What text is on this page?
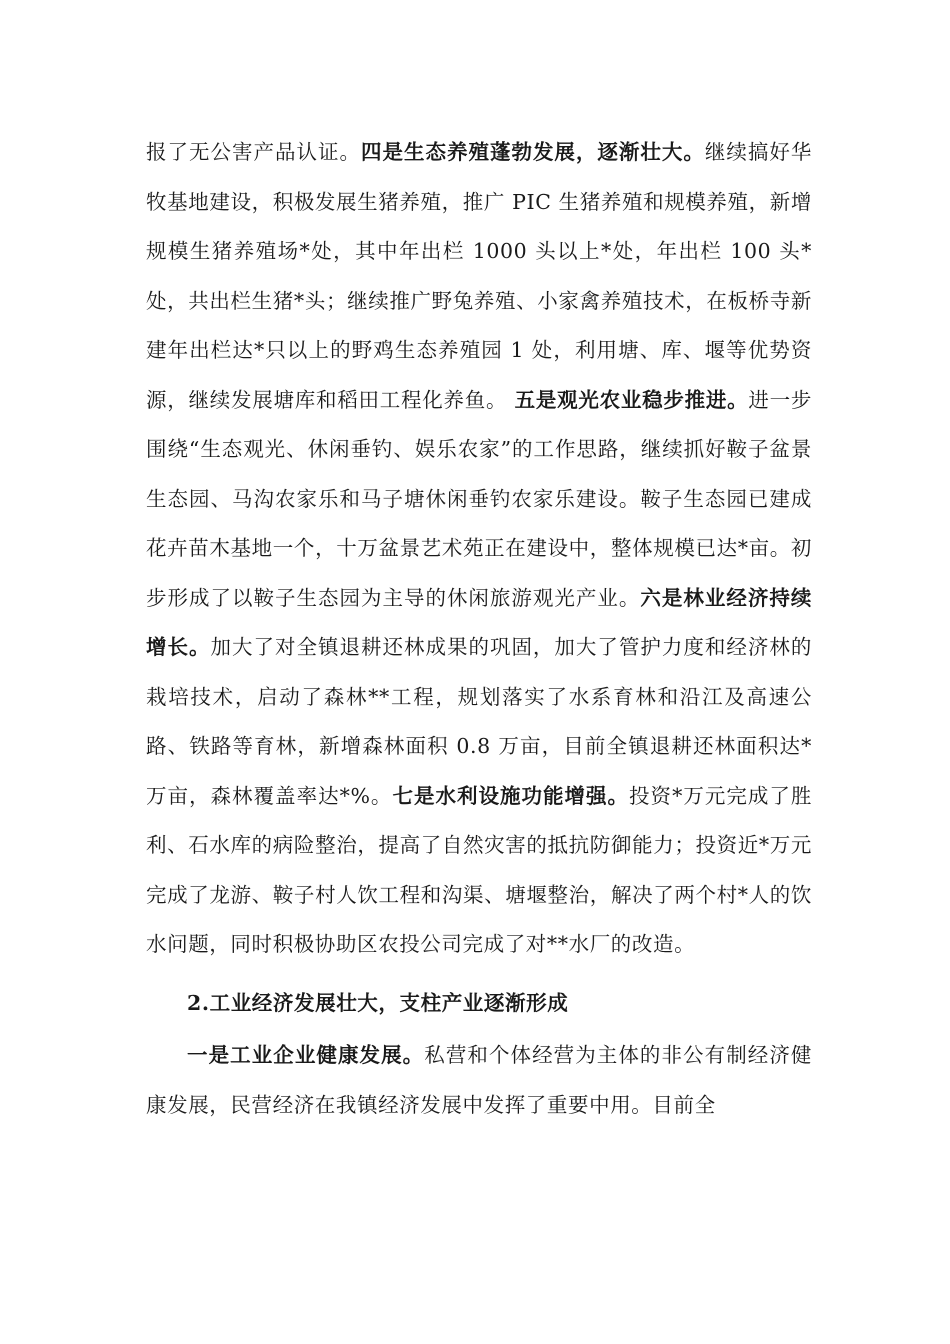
报了无公害产品认证。四是生态养殖蓬勃发展，逐渐壮大。继续搞好华牧基地建设，积极发展生猪养殖，推广 PIC 生猪养殖和规模养殖，新增规模生猪养殖场*处，其中年出栏 1000 头以上*处，年出栏 100 头*处，共出栏生猪*头；继续推广野兔养殖、小家禽养殖技术，在板桥寺新建年出栏达*只以上的野鸡生态养殖园 1 处，利用塘、库、堰等优势资源，继续发展塘库和稻田工程化养鱼。 五是观光农业稳步推进。进一步围绕“生态观光、休闲垂钓、娱乐农家”的工作思路，继续抓好鞍子盆景生态园、马沟农家乐和马子塘休闲垂钓农家乐建设。鞍子生态园已建成花卉苗木基地一个，十万盆景艺术苑正在建设中，整体规模已达*亩。初步形成了以鞍子生态园为主导的休闲旅游观光产业。六是林业经济持续增长。加大了对全镇退耕还林成果的巩固，加大了管护力度和经济林的栽培技术，启动了森林**工程，规划落实了水系育林和沿江及高速公路、铁路等育林，新增森林面积 0.8 万亩，目前全镇退耕还林面积达*万亩，森林覆盖率达*%。七是水利设施功能增强。投资*万元完成了胜利、石水库的病险整治，提高了自然灾害的抵抗防御能力；投资近*万元完成了龙游、鞍子村人饮工程和沟渠、塘堰整治，解决了两个村*人的饮水问题，同时积极协助区农投公司完成了对**水厂的改造。

2.工业经济发展壮大，支柱产业逐渐形成

一是工业企业健康发展。私营和个体经营为主体的非公有制经济健康发展，民营经济在我镇经济发展中发挥了重要中用。目前全
